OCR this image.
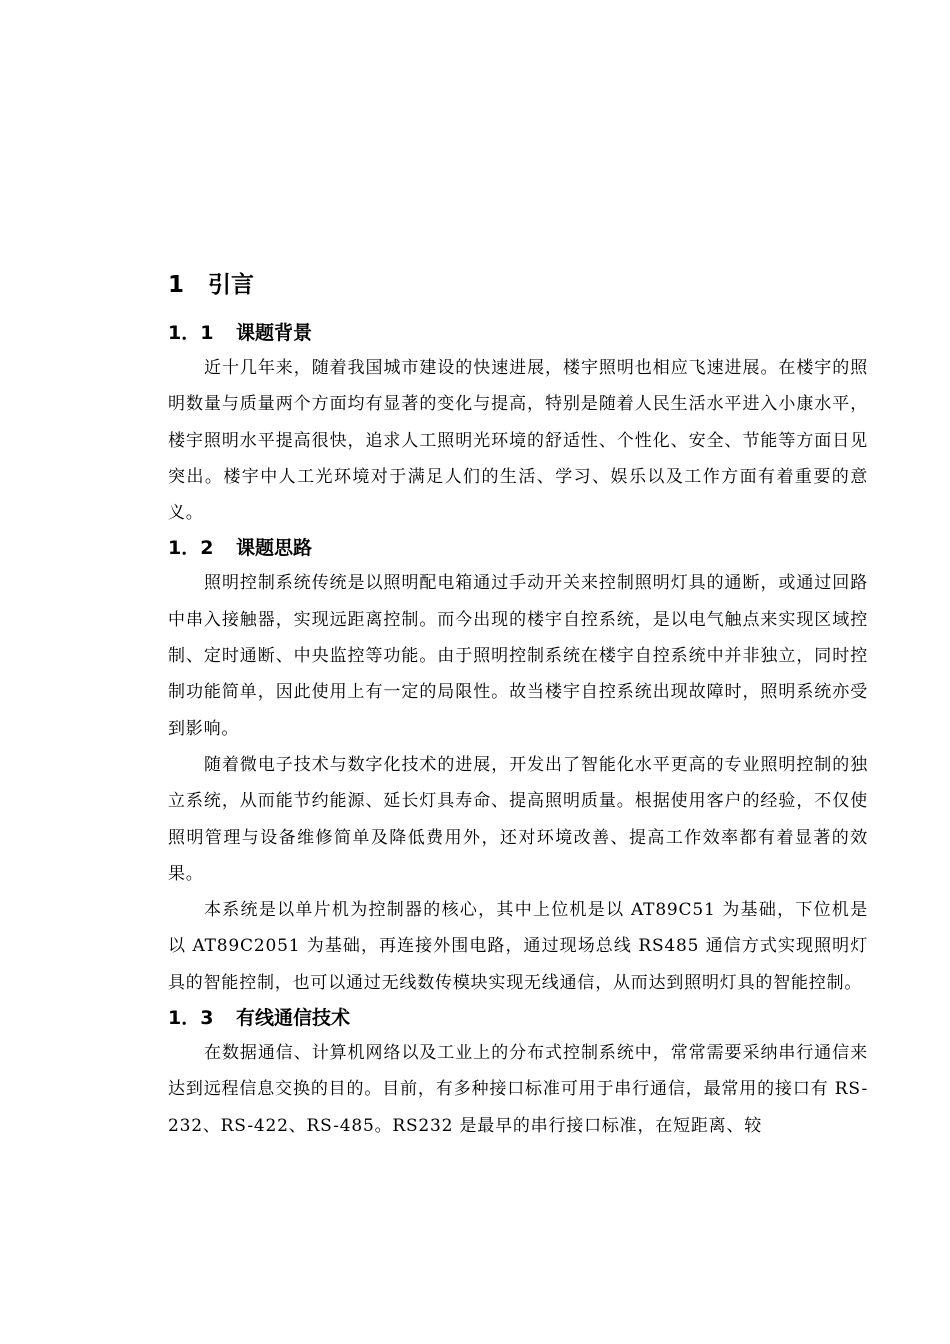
1 引言
1．1 课题背景

近十几年来，随着我国城市建设的快速进展，楼宇照明也相应飞速进展。在楼宇的照明数量与质量两个方面均有显著的变化与提高，特别是随着人民生活水平进入小康水平，楼宇照明水平提高很快，追求人工照明光环境的舒适性、个性化、安全、节能等方面日见突出。楼宇中人工光环境对于满足人们的生活、学习、娱乐以及工作方面有着重要的意义。

1．2 课题思路

照明控制系统传统是以照明配电箱通过手动开关来控制照明灯具的通断，或通过回路中串入接触器，实现远距离控制。而今出现的楼宇自控系统，是以电气触点来实现区域控制、定时通断、中央监控等功能。由于照明控制系统在楼宇自控系统中并非独立，同时控制功能简单，因此使用上有一定的局限性。故当楼宇自控系统出现故障时，照明系统亦受到影响。

随着微电子技术与数字化技术的进展，开发出了智能化水平更高的专业照明控制的独立系统，从而能节约能源、延长灯具寿命、提高照明质量。根据使用客户的经验，不仅使照明管理与设备维修简单及降低费用外，还对环境改善、提高工作效率都有着显著的效果。

本系统是以单片机为控制器的核心，其中上位机是以 AT89C51 为基础，下位机是以 AT89C2051 为基础，再连接外围电路，通过现场总线 RS485 通信方式实现照明灯具的智能控制，也可以通过无线数传模块实现无线通信，从而达到照明灯具的智能控制。

1．3 有线通信技术

在数据通信、计算机网络以及工业上的分布式控制系统中，常常需要采纳串行通信来达到远程信息交换的目的。目前，有多种接口标准可用于串行通信，最常用的接口有 RS-232、RS-422、RS-485。RS232 是最早的串行接口标准，在短距离、较
